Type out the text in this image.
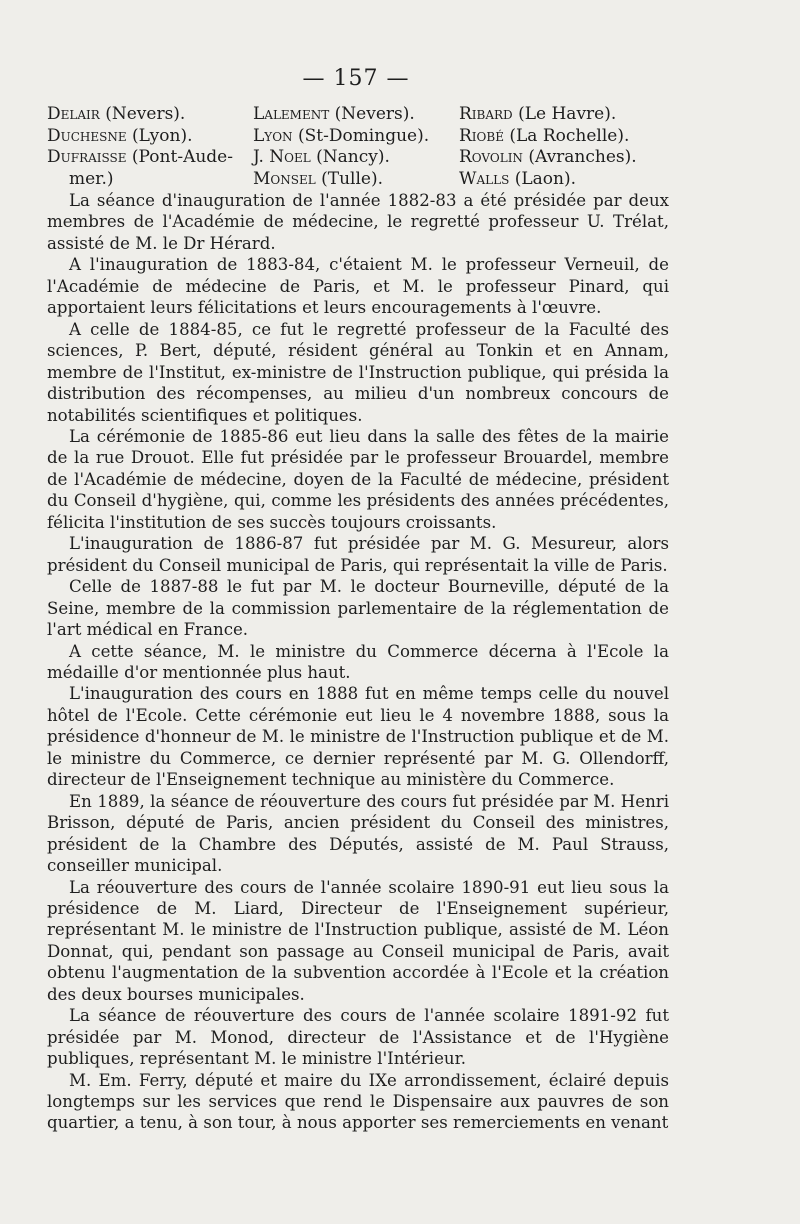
— 157 —
Delair (Nevers).
Duchesne (Lyon).
Dufraisse (Pont-Aude-
mer.)
Lalement (Nevers).
Lyon (St-Domingue).
J. Noel (Nancy).
Monsel (Tulle).
Ribard (Le Havre).
Riobé (La Rochelle).
Rovolin (Avranches).
Walls (Laon).

La séance d'inauguration de l'année 1882-83 a été présidée par deux membres de l'Académie de médecine, le regretté professeur U. Trélat, assisté de M. le Dr Hérard.

A l'inauguration de 1883-84, c'étaient M. le professeur Verneuil, de l'Académie de médecine de Paris, et M. le professeur Pinard, qui apportaient leurs félicitations et leurs encouragements à l'œuvre.

A celle de 1884-85, ce fut le regretté professeur de la Faculté des sciences, P. Bert, député, résident général au Tonkin et en Annam, membre de l'Institut, ex-ministre de l'Instruction publique, qui présida la distribution des récompenses, au milieu d'un nombreux concours de notabilités scientifiques et politiques.

La cérémonie de 1885-86 eut lieu dans la salle des fêtes de la mairie de la rue Drouot. Elle fut présidée par le professeur Brouardel, membre de l'Académie de médecine, doyen de la Faculté de médecine, président du Conseil d'hygiène, qui, comme les présidents des années précédentes, félicita l'institution de ses succès toujours croissants.

L'inauguration de 1886-87 fut présidée par M. G. Mesureur, alors président du Conseil municipal de Paris, qui représentait la ville de Paris.

Celle de 1887-88 le fut par M. le docteur Bourneville, député de la Seine, membre de la commission parlementaire de la réglementation de l'art médical en France.

A cette séance, M. le ministre du Commerce décerna à l'Ecole la médaille d'or mentionnée plus haut.

L'inauguration des cours en 1888 fut en même temps celle du nouvel hôtel de l'Ecole. Cette cérémonie eut lieu le 4 novembre 1888, sous la présidence d'honneur de M. le ministre de l'Instruction publique et de M. le ministre du Commerce, ce dernier représenté par M. G. Ollendorff, directeur de l'Enseignement technique au ministère du Commerce.

En 1889, la séance de réouverture des cours fut présidée par M. Henri Brisson, député de Paris, ancien président du Conseil des ministres, président de la Chambre des Députés, assisté de M. Paul Strauss, conseiller municipal.

La réouverture des cours de l'année scolaire 1890-91 eut lieu sous la présidence de M. Liard, Directeur de l'Enseignement supérieur, représentant M. le ministre de l'Instruction publique, assisté de M. Léon Donnat, qui, pendant son passage au Conseil municipal de Paris, avait obtenu l'augmentation de la subvention accordée à l'Ecole et la création des deux bourses municipales.

La séance de réouverture des cours de l'année scolaire 1891-92 fut présidée par M. Monod, directeur de l'Assistance et de l'Hygiène publiques, représentant M. le ministre l'Intérieur.

M. Em. Ferry, député et maire du IXe arrondissement, éclairé depuis longtemps sur les services que rend le Dispensaire aux pauvres de son quartier, a tenu, à son tour, à nous apporter ses remerciements en venant
